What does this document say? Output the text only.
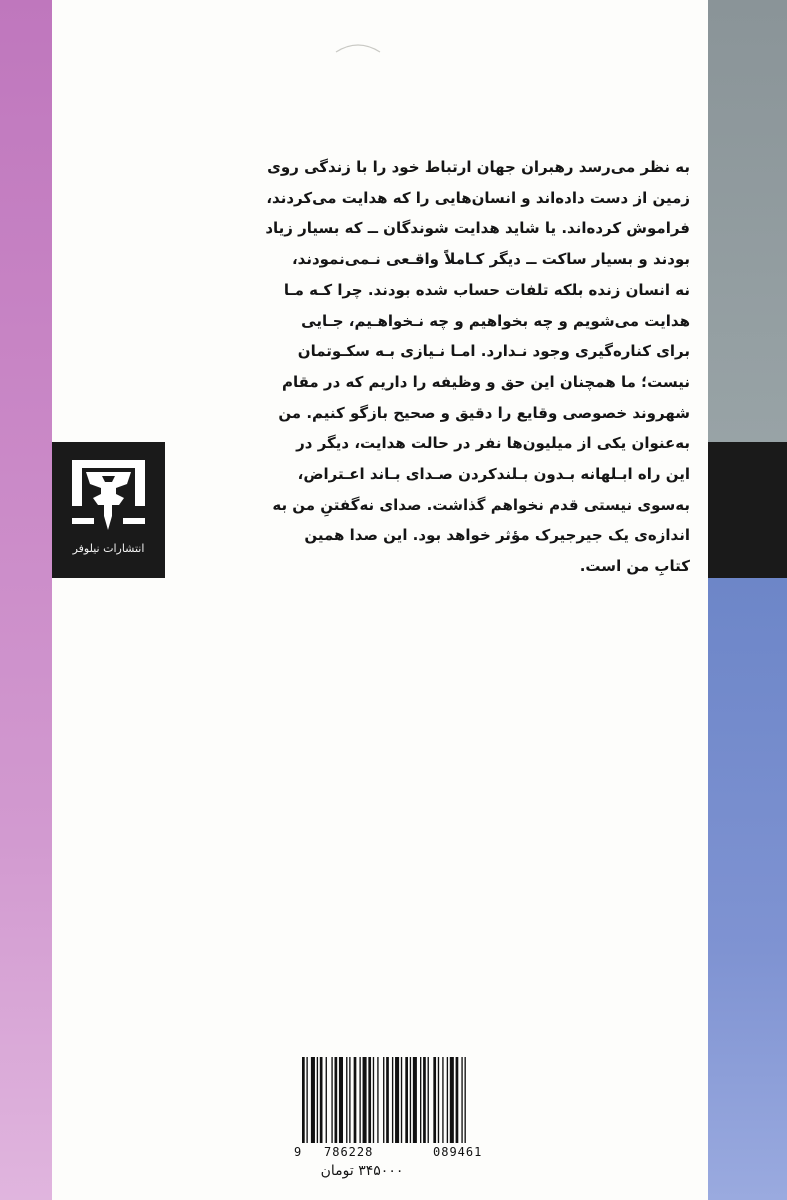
انتشارات نیلوفر
به نظر می‌رسد رهبران جهان ارتباط خود را با زندگی روی
زمین از دست داده‌اند و انسان‌هایی را که هدایت می‌کردند،
فراموش کرده‌اند. یا شاید هدایت شوندگان ــ که بسیار زیاد
بودند و بسیار ساکت ــ دیگر کـاملاً واقـعی نـمی‌نمودند،
نه انسان زنده بلکه تلفات حساب شده بودند. چرا کـه مـا
هدایت می‌شویم و چه بخواهیم و چه نـخواهـیم، جـایی
برای کناره‌گیری وجود نـدارد. امـا نـیازی بـه سکـوتمان
نیست؛ ما همچنان این حق و وظیفه را داریم که در مقام
شهروند خصوصی وقایع را دقیق و صحیح بازگو کنیم. من
به‌عنوان یکی از میلیون‌ها نفر در حالت هدایت، دیگر در
این راه ابـلهانه بـدون بـلندکردن صـدای بـاند اعـتراض،
به‌سوی نیستی قدم نخواهم گذاشت. صدای نه‌گفتنِ من به
اندازه‌ی یک جیرجیرک مؤثر خواهد بود. این صدا همین
کتابِ من است.
9 786228	089461
۳۴۵۰۰۰ تومان
